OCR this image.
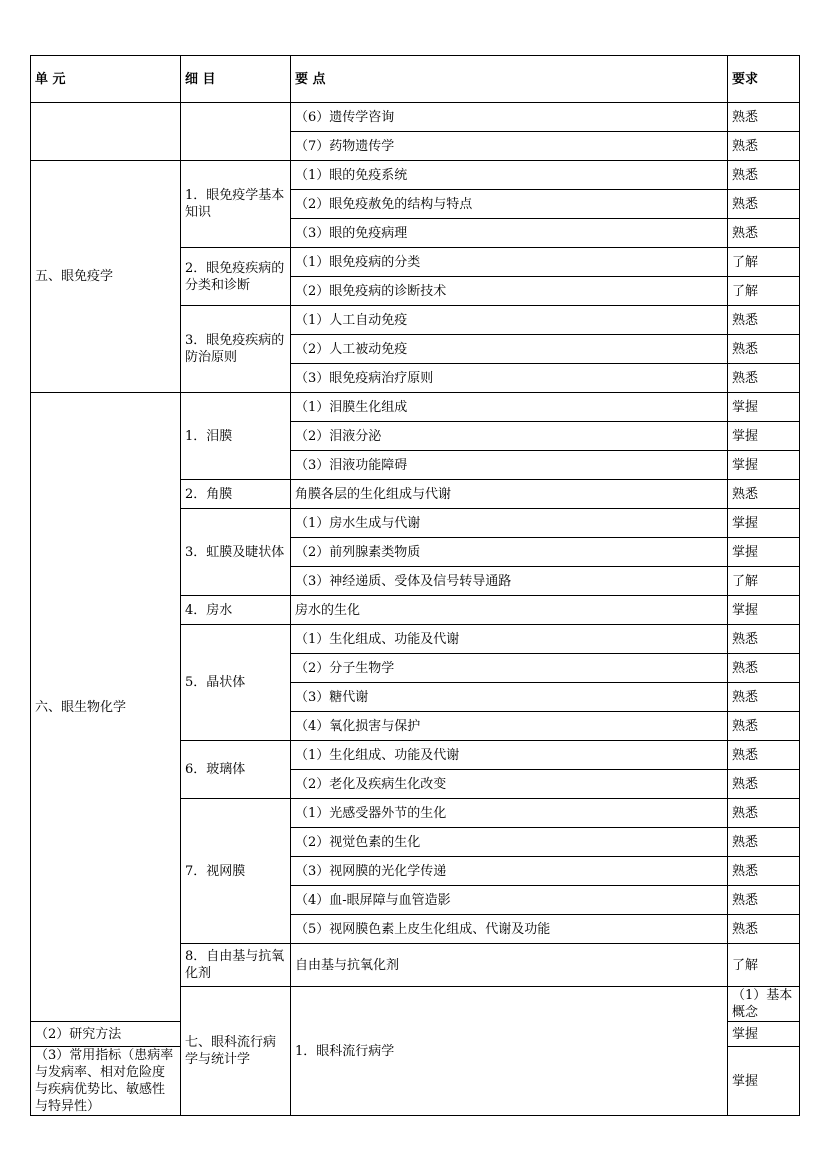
单 元	细 目	要 点	要求	
		（6）遗传学咨询	熟悉	
		（7）药物遗传学	熟悉	
五、眼免疫学	1．眼免疫学基本知识	（1）眼的免疫系统	熟悉	
		（2）眼免疫赦免的结构与特点	熟悉	
		（3）眼的免疫病理	熟悉	
	2．眼免疫疾病的分类和诊断	（1）眼免疫病的分类	了解	
		（2）眼免疫病的诊断技术	了解	
	3．眼免疫疾病的防治原则	（1）人工自动免疫	熟悉	
		（2）人工被动免疫	熟悉	
		（3）眼免疫病治疗原则	熟悉	
六、眼生物化学	1．泪膜	（1）泪膜生化组成	掌握	
		（2）泪液分泌	掌握	
		（3）泪液功能障碍	掌握	
	2．角膜	角膜各层的生化组成与代谢	熟悉	
	3．虹膜及睫状体	（1）房水生成与代谢	掌握	
		（2）前列腺素类物质	掌握	
		（3）神经递质、受体及信号转导通路	了解	
	4．房水	房水的生化	掌握	
	5．晶状体	（1）生化组成、功能及代谢	熟悉	
		（2）分子生物学	熟悉	
		（3）糖代谢	熟悉	
		（4）氧化损害与保护	熟悉	
	6．玻璃体	（1）生化组成、功能及代谢	熟悉	
		（2）老化及疾病生化改变	熟悉	
	7．视网膜	（1）光感受器外节的生化	熟悉	
		（2）视觉色素的生化	熟悉	
		（3）视网膜的光化学传递	熟悉	
		（4）血-眼屏障与血管造影	熟悉	
		（5）视网膜色素上皮生化组成、代谢及功能	熟悉	
	8．自由基与抗氧化剂	自由基与抗氧化剂	了解	
	七、眼科流行病学与统计学	1．眼科流行病学	（1）基本概念	
（2）研究方法			掌握	
（3）常用指标（患病率与发病率、相对危险度与疾病优势比、敏感性与特异性）			掌握	
